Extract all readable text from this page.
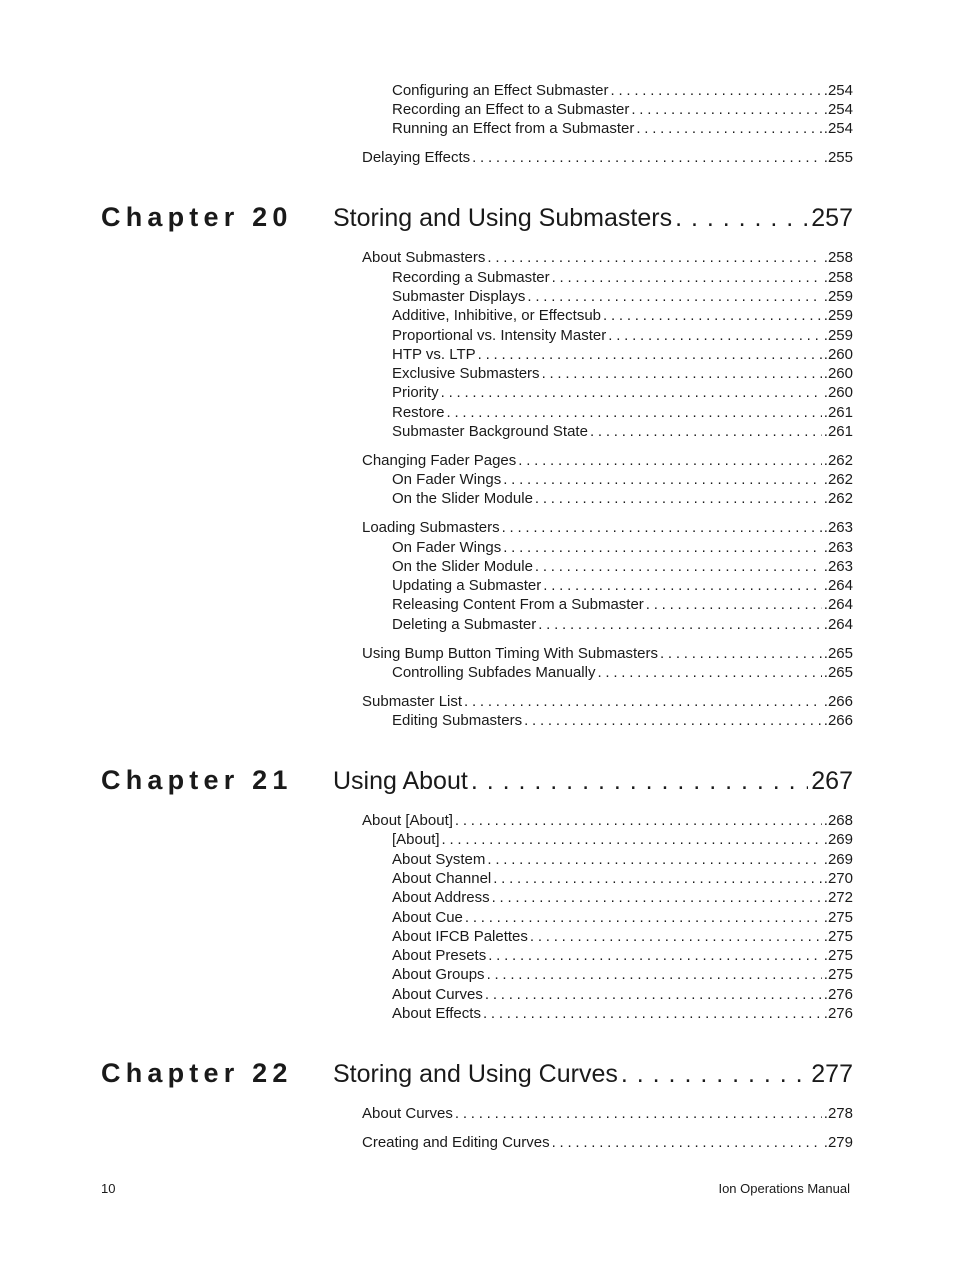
Configuring an Effect Submaster . . .	.254
Recording an Effect to a Submaster . . .	.254
Running an Effect from a Submaster . . .	.254
Delaying Effects . . .	.255
Chapter 20 Storing and Using Submasters . . .	257
About Submasters . . .	.258
Recording a Submaster . . .	.258
Submaster Displays . . .	.259
Additive, Inhibitive, or Effectsub . . .	.259
Proportional vs. Intensity Master . . .	.259
HTP vs. LTP . . .	.260
Exclusive Submasters . . .	.260
Priority . . .	.260
Restore . . .	.261
Submaster Background State . . .	.261
Changing Fader Pages . . .	.262
On Fader Wings . . .	.262
On the Slider Module . . .	.262
Loading Submasters . . .	.263
On Fader Wings . . .	.263
On the Slider Module . . .	.263
Updating a Submaster . . .	.264
Releasing Content From a Submaster . . .	.264
Deleting a Submaster . . .	.264
Using Bump Button Timing With Submasters . . .	.265
Controlling Subfades Manually . . .	.265
Submaster List . . .	.266
Editing Submasters . . .	.266
Chapter 21 Using About . . .	267
About [About] . . .	.268
[About] . . .	.269
About System . . .	.269
About Channel . . .	.270
About Address . . .	.272
About Cue . . .	.275
About IFCB Palettes . . .	.275
About Presets . . .	.275
About Groups . . .	.275
About Curves . . .	.276
About Effects . . .	.276
Chapter 22 Storing and Using Curves . . .	277
About Curves . . .	.278
Creating and Editing Curves . . .	.279
10	Ion Operations Manual
